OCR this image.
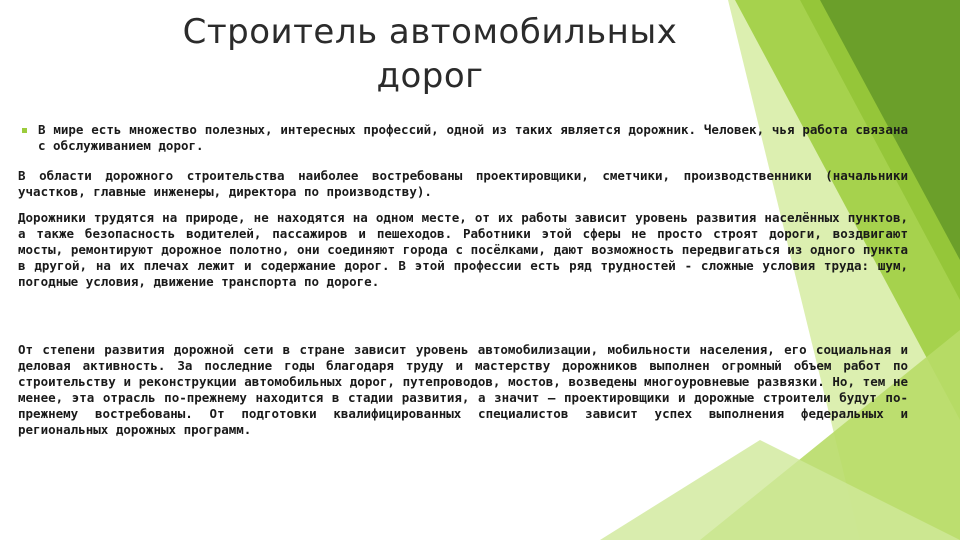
Строитель автомобильных дорог
В мире есть множество полезных, интересных профессий, одной из таких является дорожник. Человек, чья работа связана с обслуживанием дорог.
В области дорожного строительства наиболее востребованы проектировщики, сметчики, производственники (начальники участков, главные инженеры, директора по производству).
Дорожники трудятся на природе, не находятся на одном месте, от их работы зависит уровень развития населённых пунктов, а также безопасность водителей, пассажиров и пешеходов. Работники этой сферы не просто строят дороги, воздвигают мосты, ремонтируют дорожное полотно, они соединяют города с посёлками, дают возможность передвигаться из одного пункта в другой, на их плечах лежит и содержание дорог. В этой профессии есть ряд трудностей - сложные условия труда: шум, погодные условия, движение транспорта по дороге.
От степени развития дорожной сети в стране зависит уровень автомобилизации, мобильности населения, его социальная и деловая активность. За последние годы благодаря труду и мастерству дорожников выполнен огромный объем работ по строительству и реконструкции автомобильных дорог, путепроводов, мостов, возведены многоуровневые развязки. Но, тем не менее, эта отрасль по-прежнему находится в стадии развития, а значит – проектировщики и дорожные строители будут по-прежнему востребованы. От подготовки квалифицированных специалистов зависит успех выполнения федеральных и региональных дорожных программ.
